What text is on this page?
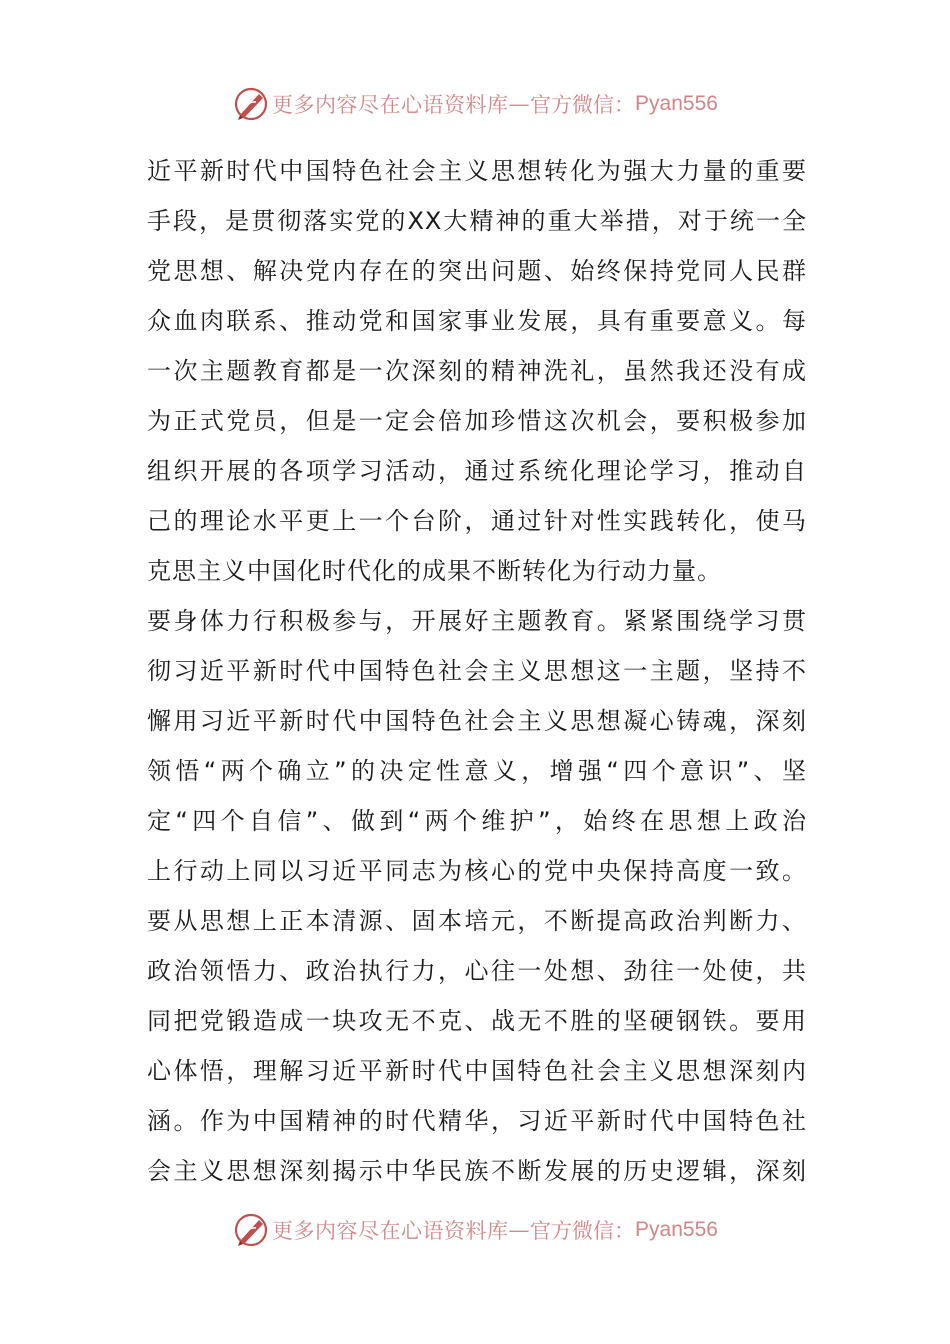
更多内容尽在心语资料库 — 官方微信： Pyan556
近平新时代中国特色社会主义思想转化为强大力量的重要
手段，是贯彻落实党的XX大精神的重大举措，对于统一全
党思想、解决党内存在的突出问题、始终保持党同人民群
众血肉联系、推动党和国家事业发展，具有重要意义。每
一次主题教育都是一次深刻的精神洗礼，虽然我还没有成
为正式党员，但是一定会倍加珍惜这次机会，要积极参加
组织开展的各项学习活动，通过系统化理论学习，推动自
己的理论水平更上一个台阶，通过针对性实践转化，使马
克思主义中国化时代化的成果不断转化为行动力量。
要身体力行积极参与，开展好主题教育。紧紧围绕学习贯
彻习近平新时代中国特色社会主义思想这一主题，坚持不
懈用习近平新时代中国特色社会主义思想凝心铸魂，深刻
领悟“两个确立”的决定性意义，增强“四个意识”、坚
定“四个自信”、做到“两个维护”，始终在思想上政治
上行动上同以习近平同志为核心的党中央保持高度一致。
要从思想上正本清源、固本培元，不断提高政治判断力、
政治领悟力、政治执行力，心往一处想、劲往一处使，共
同把党锻造成一块攻无不克、战无不胜的坚硬钢铁。要用
心体悟，理解习近平新时代中国特色社会主义思想深刻内
涵。作为中国精神的时代精华，习近平新时代中国特色社
会主义思想深刻揭示中华民族不断发展的历史逻辑，深刻
更多内容尽在心语资料库 — 官方微信： Pyan556
